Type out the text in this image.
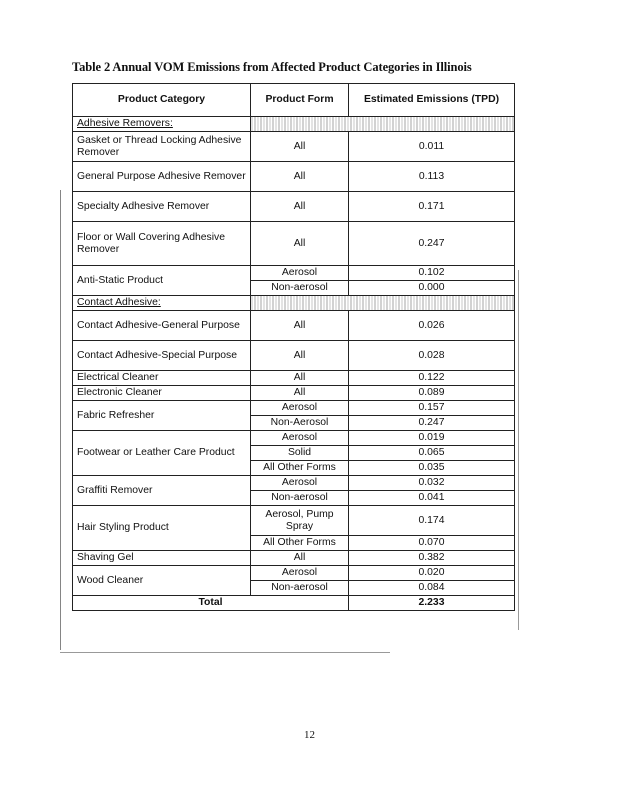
Table 2 Annual VOM Emissions from Affected Product Categories in Illinois
Product Category	Product Form	Estimated Emissions (TPD)
Adhesive Removers:		
Gasket or Thread Locking Adhesive Remover	All	0.011
General Purpose Adhesive Remover	All	0.113
Specialty Adhesive Remover	All	0.171
Floor or Wall Covering Adhesive Remover	All	0.247
Anti-Static Product	Aerosol	0.102
	Non-aerosol	0.000
Contact Adhesive:		
Contact Adhesive-General Purpose	All	0.026
Contact Adhesive-Special Purpose	All	0.028
Electrical Cleaner	All	0.122
Electronic Cleaner	All	0.089
Fabric Refresher	Aerosol	0.157
	Non-Aerosol	0.247
Footwear or Leather Care Product	Aerosol	0.019
	Solid	0.065
	All Other Forms	0.035
Graffiti Remover	Aerosol	0.032
	Non-aerosol	0.041
Hair Styling Product	Aerosol, Pump Spray	0.174
	All Other Forms	0.070
Shaving Gel	All	0.382
Wood Cleaner	Aerosol	0.020
	Non-aerosol	0.084
Total		2.233
12
